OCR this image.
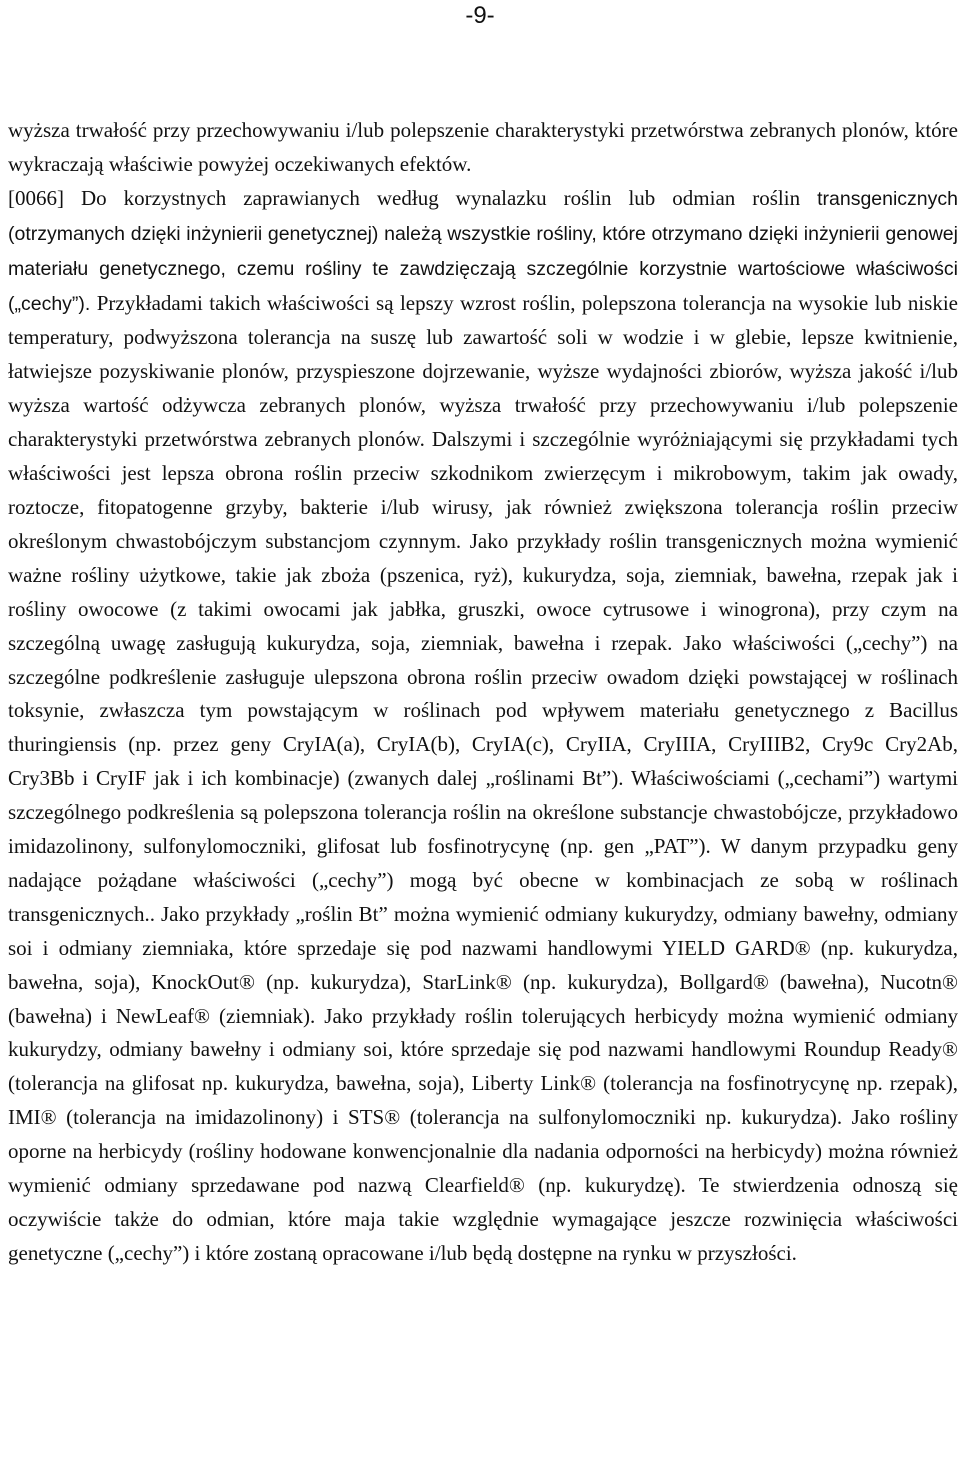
-9-

wyższa trwałość przy przechowywaniu i/lub polepszenie charakterystyki przetwórstwa zebranych plonów, które wykraczają właściwie powyżej oczekiwanych efektów.

[0066] Do korzystnych zaprawianych według wynalazku roślin lub odmian roślin transgenicznych (otrzymanych dzięki inżynierii genetycznej) należą wszystkie rośliny, które otrzymano dzięki inżynierii genowej materiału genetycznego, czemu rośliny te zawdzięczają szczególnie korzystnie wartościowe właściwości („cechy”). Przykładami takich właściwości są lepszy wzrost roślin, polepszona tolerancja na wysokie lub niskie temperatury, podwyższona tolerancja na suszę lub zawartość soli w wodzie i w glebie, lepsze kwitnienie, łatwiejsze pozyskiwanie plonów, przyspieszone dojrzewanie, wyższe wydajności zbiorów, wyższa jakość i/lub wyższa wartość odżywcza zebranych plonów, wyższa trwałość przy przechowywaniu i/lub polepszenie charakterystyki przetwórstwa zebranych plonów. Dalszymi i szczególnie wyróżniającymi się przykładami tych właściwości jest lepsza obrona roślin przeciw szkodnikom zwierzęcym i mikrobowym, takim jak owady, roztocze, fitopatogenne grzyby, bakterie i/lub wirusy, jak również zwiększona tolerancja roślin przeciw określonym chwastobójczym substancjom czynnym. Jako przykłady roślin transgenicznych można wymienić ważne rośliny użytkowe, takie jak zboża (pszenica, ryż), kukurydza, soja, ziemniak, bawełna, rzepak jak i rośliny owocowe (z takimi owocami jak jabłka, gruszki, owoce cytrusowe i winogrona), przy czym na szczególną uwagę zasługują kukurydza, soja, ziemniak, bawełna i rzepak. Jako właściwości („cechy”) na szczególne podkreślenie zasługuje ulepszona obrona roślin przeciw owadom dzięki powstającej w roślinach toksynie, zwłaszcza tym powstającym w roślinach pod wpływem materiału genetycznego z Bacillus thuringiensis (np. przez geny CryIA(a), CryIA(b), CryIA(c), CryIIA, CryIIIA, CryIIIB2, Cry9c Cry2Ab, Cry3Bb i CryIF jak i ich kombinacje) (zwanych dalej „roślinami Bt”). Właściwościami („cechami”) wartymi szczególnego podkreślenia są polepszona tolerancja roślin na określone substancje chwastobójcze, przykładowo imidazolinony, sulfonylomoczniki, glifosat lub fosfinotrycynę (np. gen „PAT”). W danym przypadku geny nadające pożądane właściwości („cechy”) mogą być obecne w kombinacjach ze sobą w roślinach transgenicznych.. Jako przykłady „roślin Bt” można wymienić odmiany kukurydzy, odmiany bawełny, odmiany soi i odmiany ziemniaka, które sprzedaje się pod nazwami handlowymi YIELD GARD® (np. kukurydza, bawełna, soja), KnockOut® (np. kukurydza), StarLink® (np. kukurydza), Bollgard® (bawełna), Nucotn® (bawełna) i NewLeaf® (ziemniak). Jako przykłady roślin tolerujących herbicydy można wymienić odmiany kukurydzy, odmiany bawełny i odmiany soi, które sprzedaje się pod nazwami handlowymi Roundup Ready® (tolerancja na glifosat np. kukurydza, bawełna, soja), Liberty Link® (tolerancja na fosfinotrycynę np. rzepak), IMI® (tolerancja na imidazolinony) i STS® (tolerancja na sulfonylomoczniki np. kukurydza). Jako rośliny oporne na herbicydy (rośliny hodowane konwencjonalnie dla nadania odporności na herbicydy) można również wymienić odmiany sprzedawane pod nazwą Clearfield® (np. kukurydzę). Te stwierdzenia odnoszą się oczywiście także do odmian, które maja takie względnie wymagające jeszcze rozwinięcia właściwości genetyczne („cechy”) i które zostaną opracowane i/lub będą dostępne na rynku w przyszłości.
